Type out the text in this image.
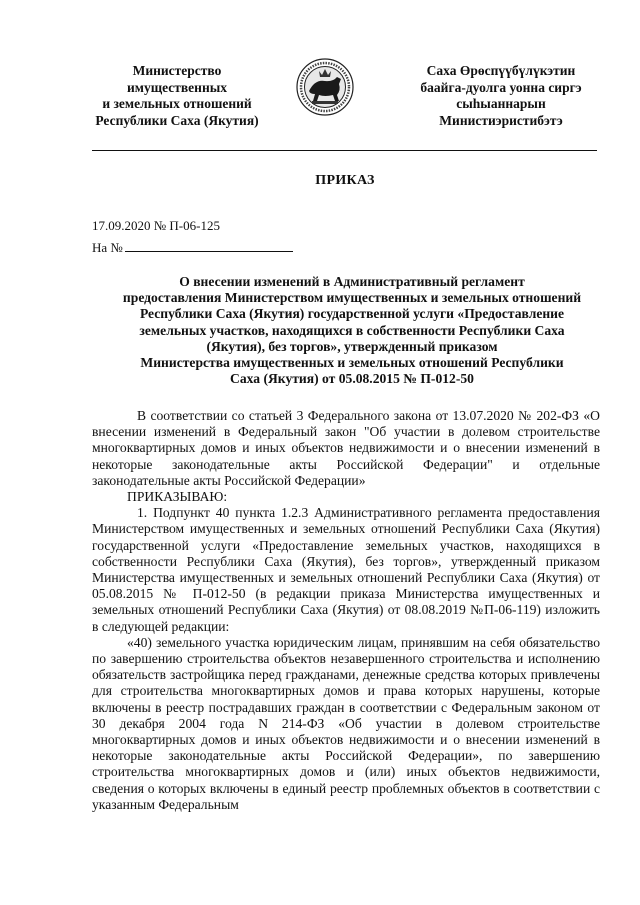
Министерство
имущественных
и земельных отношений
Республики Саха (Якутия)
Саха Өрөспүүбүлүкэтин
баайга-дуолга уонна сиргэ
сыһыаннарын
Министиэристибэтэ
ПРИКАЗ
17.09.2020 № П-06-125
На №
О внесении изменений в Административный регламент
предоставления Министерством имущественных и земельных отношений
Республики Саха (Якутия) государственной услуги «Предоставление
земельных участков, находящихся в собственности Республики Саха
(Якутия), без торгов», утвержденный приказом
Министерства имущественных и земельных отношений Республики
Саха (Якутия) от 05.08.2015 № П-012-50

В соответствии со статьей 3 Федерального закона от 13.07.2020 № 202-ФЗ «О внесении изменений в Федеральный закон "Об участии в долевом строительстве многоквартирных домов и иных объектов недвижимости и о внесении изменений в некоторые законодательные акты Российской Федерации" и отдельные законодательные акты Российской Федерации»

ПРИКАЗЫВАЮ:

1. Подпункт 40 пункта 1.2.3 Административного регламента предоставления Министерством имущественных и земельных отношений Республики Саха (Якутия) государственной услуги «Предоставление земельных участков, находящихся в собственности Республики Саха (Якутия), без торгов», утвержденный приказом Министерства имущественных и земельных отношений Республики Саха (Якутия) от 05.08.2015 № П-012-50 (в редакции приказа Министерства имущественных и земельных отношений Республики Саха (Якутия) от 08.08.2019 №П-06-119) изложить в следующей редакции:

«40) земельного участка юридическим лицам, принявшим на себя обязательство по завершению строительства объектов незавершенного строительства и исполнению обязательств застройщика перед гражданами, денежные средства которых привлечены для строительства многоквартирных домов и права которых нарушены, которые включены в реестр пострадавших граждан в соответствии с Федеральным законом от 30 декабря 2004 года N 214-ФЗ «Об участии в долевом строительстве многоквартирных домов и иных объектов недвижимости и о внесении изменений в некоторые законодательные акты Российской Федерации», по завершению строительства многоквартирных домов и (или) иных объектов недвижимости, сведения о которых включены в единый реестр проблемных объектов в соответствии с указанным Федеральным
